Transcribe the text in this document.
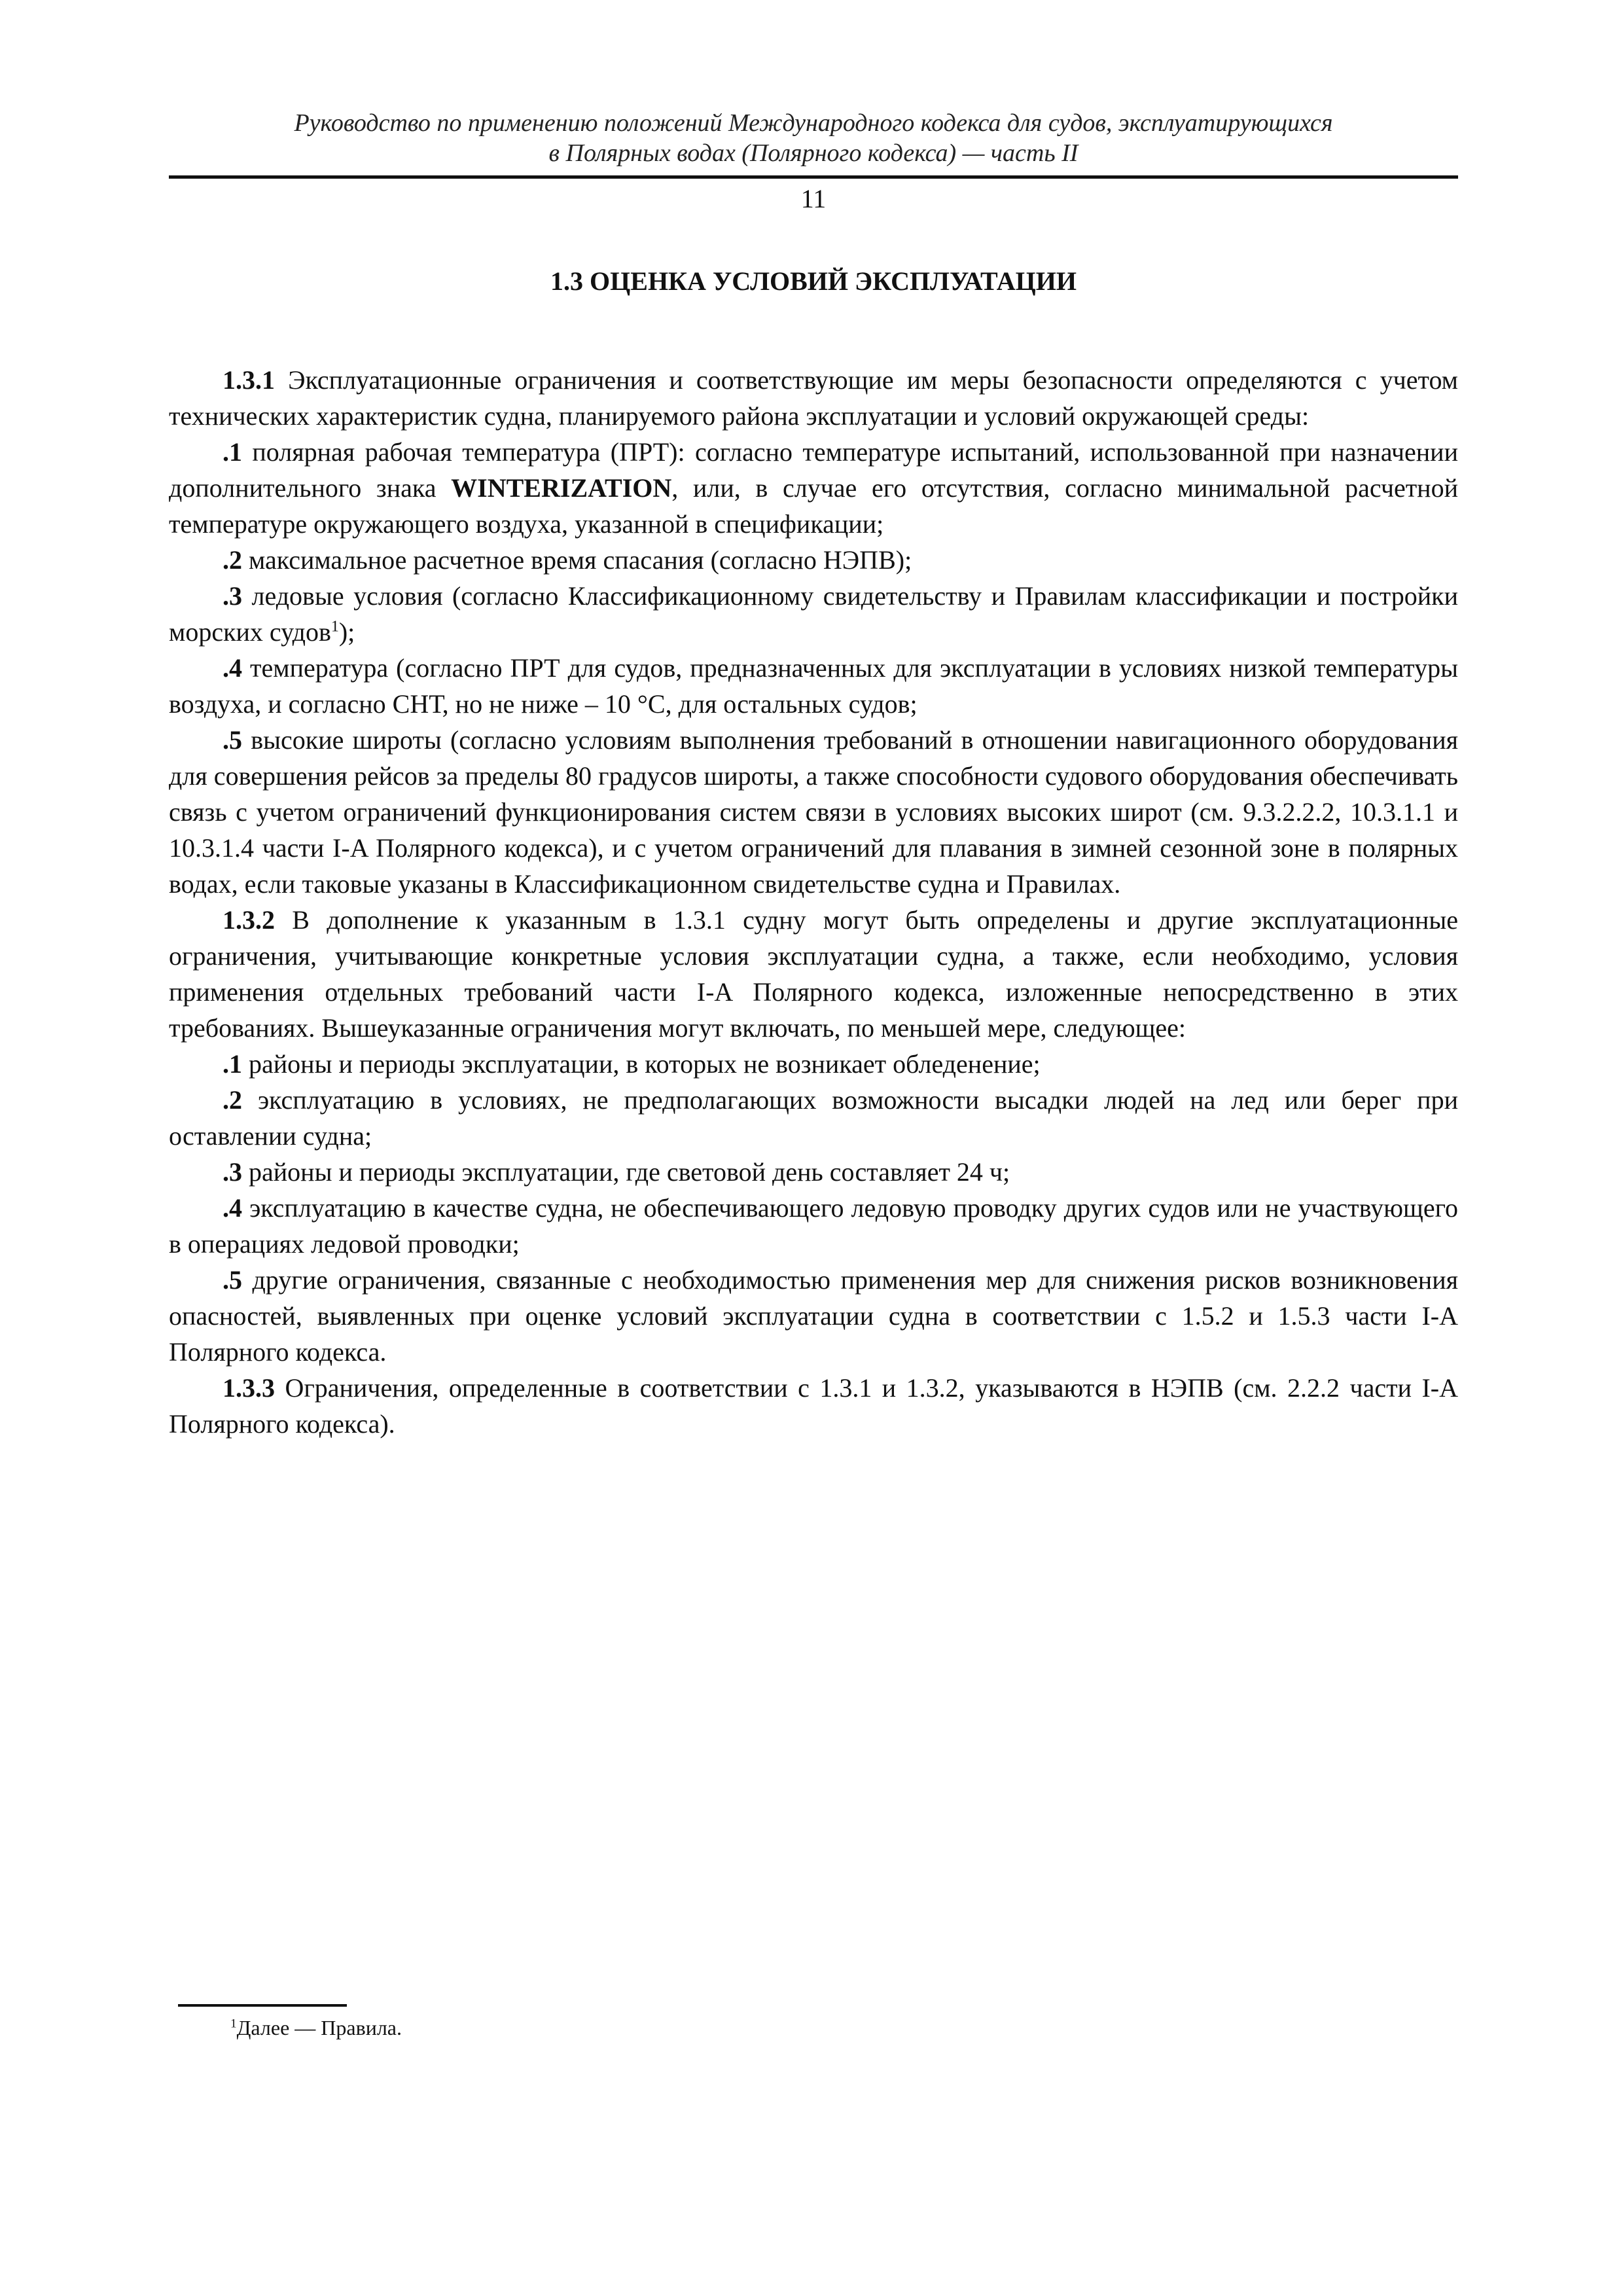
Руководство по применению положений Международного кодекса для судов, эксплуатирующихся
в Полярных водах (Полярного кодекса) — часть II
11
1.3 ОЦЕНКА УСЛОВИЙ ЭКСПЛУАТАЦИИ

1.3.1 Эксплуатационные ограничения и соответствующие им меры безопасности определяются с учетом технических характеристик судна, планируемого района эксплуатации и условий окружающей среды:

.1 полярная рабочая температура (ПРТ): согласно температуре испытаний, использованной при назначении дополнительного знака WINTERIZATION, или, в случае его отсутствия, согласно минимальной расчетной температуре окружающего воздуха, указанной в спецификации;

.2 максимальное расчетное время спасания (согласно НЭПВ);

.3 ледовые условия (согласно Классификационному свидетельству и Правилам классификации и постройки морских судов$^1$);

.4 температура (согласно ПРТ для судов, предназначенных для эксплуатации в условиях низкой температуры воздуха, и согласно СНТ, но не ниже – 10 °С, для остальных судов;

.5 высокие широты (согласно условиям выполнения требований в отношении навигационного оборудования для совершения рейсов за пределы 80 градусов широты, а также способности судового оборудования обеспечивать связь с учетом ограничений функционирования систем связи в условиях высоких широт (см. 9.3.2.2.2, 10.3.1.1 и 10.3.1.4 части I-A Полярного кодекса), и с учетом ограничений для плавания в зимней сезонной зоне в полярных водах, если таковые указаны в Классификационном свидетельстве судна и Правилах.

1.3.2 В дополнение к указанным в 1.3.1 судну могут быть определены и другие эксплуатационные ограничения, учитывающие конкретные условия эксплуатации судна, а также, если необходимо, условия применения отдельных требований части I-A Полярного кодекса, изложенные непосредственно в этих требованиях. Вышеуказанные ограничения могут включать, по меньшей мере, следующее:

.1 районы и периоды эксплуатации, в которых не возникает обледенение;

.2 эксплуатацию в условиях, не предполагающих возможности высадки людей на лед или берег при оставлении судна;

.3 районы и периоды эксплуатации, где световой день составляет 24 ч;

.4 эксплуатацию в качестве судна, не обеспечивающего ледовую проводку других судов или не участвующего в операциях ледовой проводки;

.5 другие ограничения, связанные с необходимостью применения мер для снижения рисков возникновения опасностей, выявленных при оценке условий эксплуатации судна в соответствии с 1.5.2 и 1.5.3 части I-A Полярного кодекса.

1.3.3 Ограничения, определенные в соответствии с 1.3.1 и 1.3.2, указываются в НЭПВ (см. 2.2.2 части I-A Полярного кодекса).

$^1$Далее — Правила.
